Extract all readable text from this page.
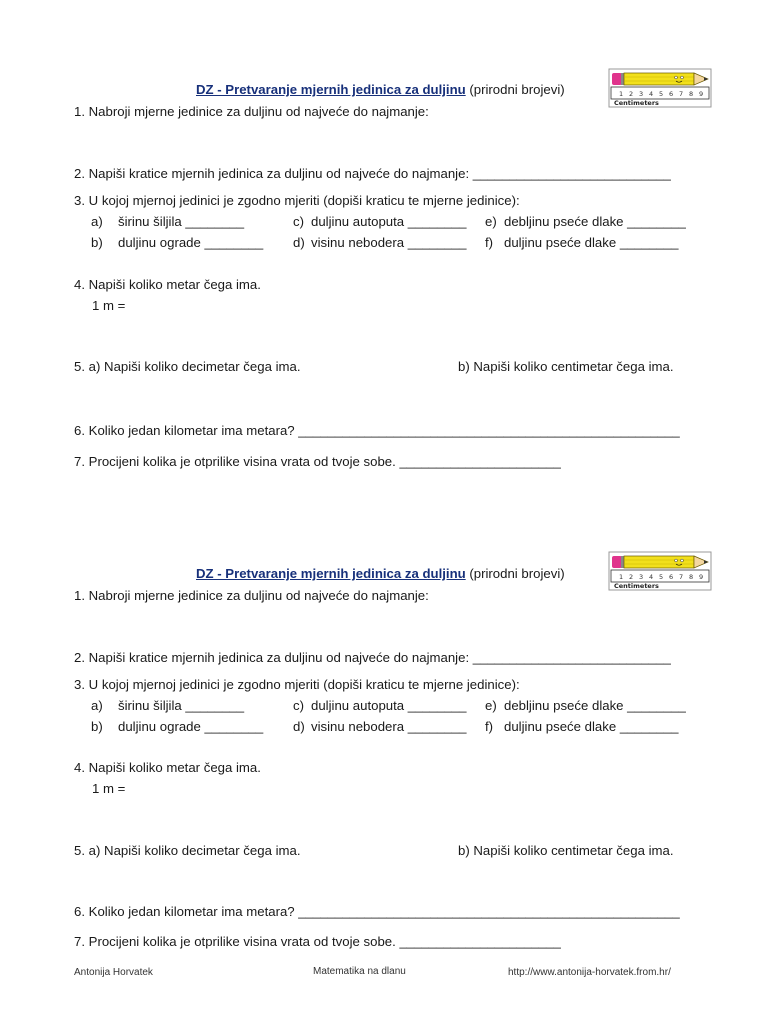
DZ - Pretvaranje mjernih jedinica za duljinu (prirodni brojevi)	1 2 3 4 5 6 7 8 9
Centimeters
1. Nabroji mjerne jedinice za duljinu od najveće do najmanje:
2. Napiši kratice mjernih jedinica za duljinu od najveće do najmanje: ___________________________
3. U kojoj mjernoj jedinici je zgodno mjeriti (dopiši kraticu te mjerne jedinice):
a) širinu šiljila ________
b) duljinu ograde ________
c) duljinu autoputa ________
d) visinu nebodera ________
e) debljinu pseće dlake ________
f) duljinu pseće dlake ________
4. Napiši koliko metar čega ima.
1 m =
5. a) Napiši koliko decimetar čega ima.	b) Napiši koliko centimetar čega ima.
6. Koliko jedan kilometar ima metara? ____________________________________________________
7. Procijeni kolika je otprilike visina vrata od tvoje sobe. ______________________
DZ - Pretvaranje mjernih jedinica za duljinu (prirodni brojevi)	1 2 3 4 5 6 7 8 9
Centimeters
1. Nabroji mjerne jedinice za duljinu od najveće do najmanje:
2. Napiši kratice mjernih jedinica za duljinu od najveće do najmanje: ___________________________
3. U kojoj mjernoj jedinici je zgodno mjeriti (dopiši kraticu te mjerne jedinice):
a) širinu šiljila ________
b) duljinu ograde ________
c) duljinu autoputa ________
d) visinu nebodera ________
e) debljinu pseće dlake ________
f) duljinu pseće dlake ________
4. Napiši koliko metar čega ima.
1 m =
5. a) Napiši koliko decimetar čega ima.	b) Napiši koliko centimetar čega ima.
6. Koliko jedan kilometar ima metara? ____________________________________________________
7. Procijeni kolika je otprilike visina vrata od tvoje sobe. ______________________
Antonija Horvatek	Matematika na dlanu	http://www.antonija-horvatek.from.hr/
